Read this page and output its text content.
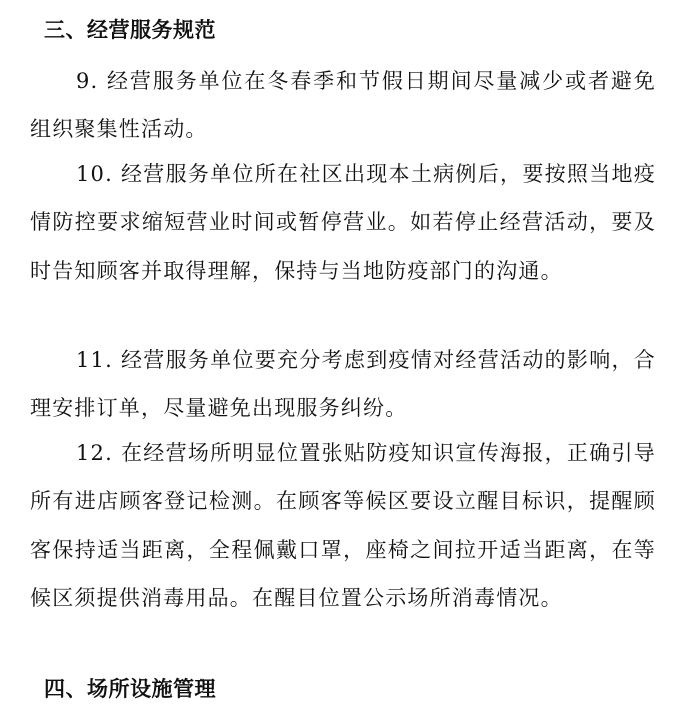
三、经营服务规范

9. 经营服务单位在冬春季和节假日期间尽量减少或者避免组织聚集性活动。

10. 经营服务单位所在社区出现本土病例后，要按照当地疫情防控要求缩短营业时间或暂停营业。如若停止经营活动，要及时告知顾客并取得理解，保持与当地防疫部门的沟通。

11. 经营服务单位要充分考虑到疫情对经营活动的影响，合理安排订单，尽量避免出现服务纠纷。

12. 在经营场所明显位置张贴防疫知识宣传海报，正确引导所有进店顾客登记检测。在顾客等候区要设立醒目标识，提醒顾客保持适当距离，全程佩戴口罩，座椅之间拉开适当距离，在等候区须提供消毒用品。在醒目位置公示场所消毒情况。

四、场所设施管理
